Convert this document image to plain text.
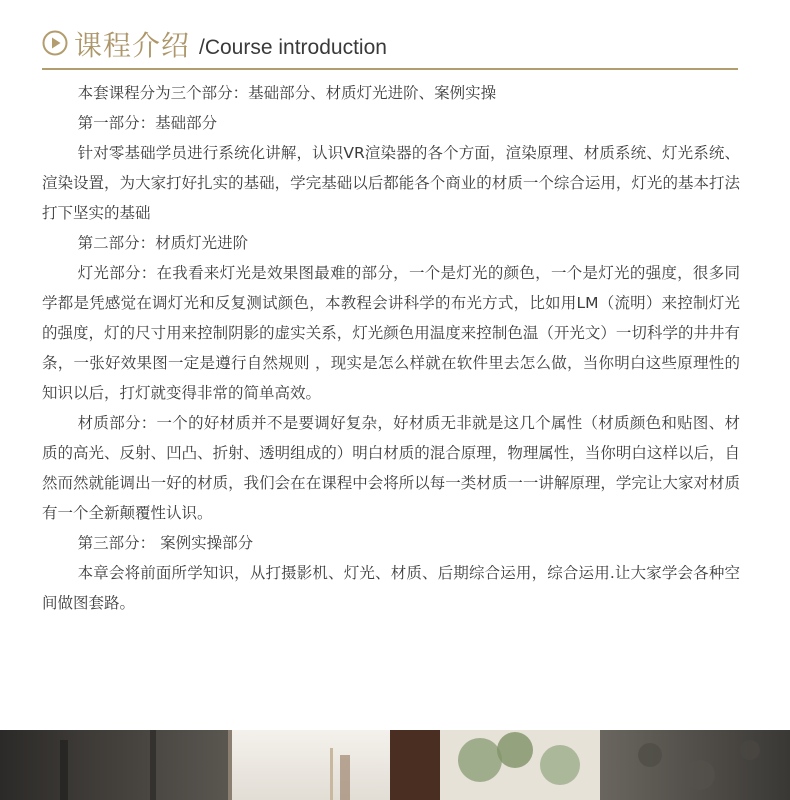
课程介绍 /Course introduction

本套课程分为三个部分：基础部分、材质灯光进阶、案例实操

第一部分：基础部分

针对零基础学员进行系统化讲解，认识VR渲染器的各个方面，渲染原理、材质系统、灯光系统、渲染设置，为大家打好扎实的基础，学完基础以后都能各个商业的材质一个综合运用，灯光的基本打法打下坚实的基础

第二部分：材质灯光进阶

灯光部分：在我看来灯光是效果图最难的部分，一个是灯光的颜色，一个是灯光的强度，很多同学都是凭感觉在调灯光和反复测试颜色，本教程会讲科学的布光方式，比如用LM（流明）来控制灯光的强度，灯的尺寸用来控制阴影的虚实关系，灯光颜色用温度来控制色温（开光文）一切科学的井井有条，一张好效果图一定是遵行自然规则 ，现实是怎么样就在软件里去怎么做，当你明白这些原理性的知识以后，打灯就变得非常的简单高效。

材质部分：一个的好材质并不是要调好复杂，好材质无非就是这几个属性（材质颜色和贴图、材质的高光、反射、凹凸、折射、透明组成的）明白材质的混合原理，物理属性，当你明白这样以后，自然而然就能调出一好的材质，我们会在在课程中会将所以每一类材质一一讲解原理，学完让大家对材质有一个全新颠覆性认识。

第三部分： 案例实操部分

本章会将前面所学知识，从打摄影机、灯光、材质、后期综合运用，综合运用.让大家学会各种空间做图套路。
